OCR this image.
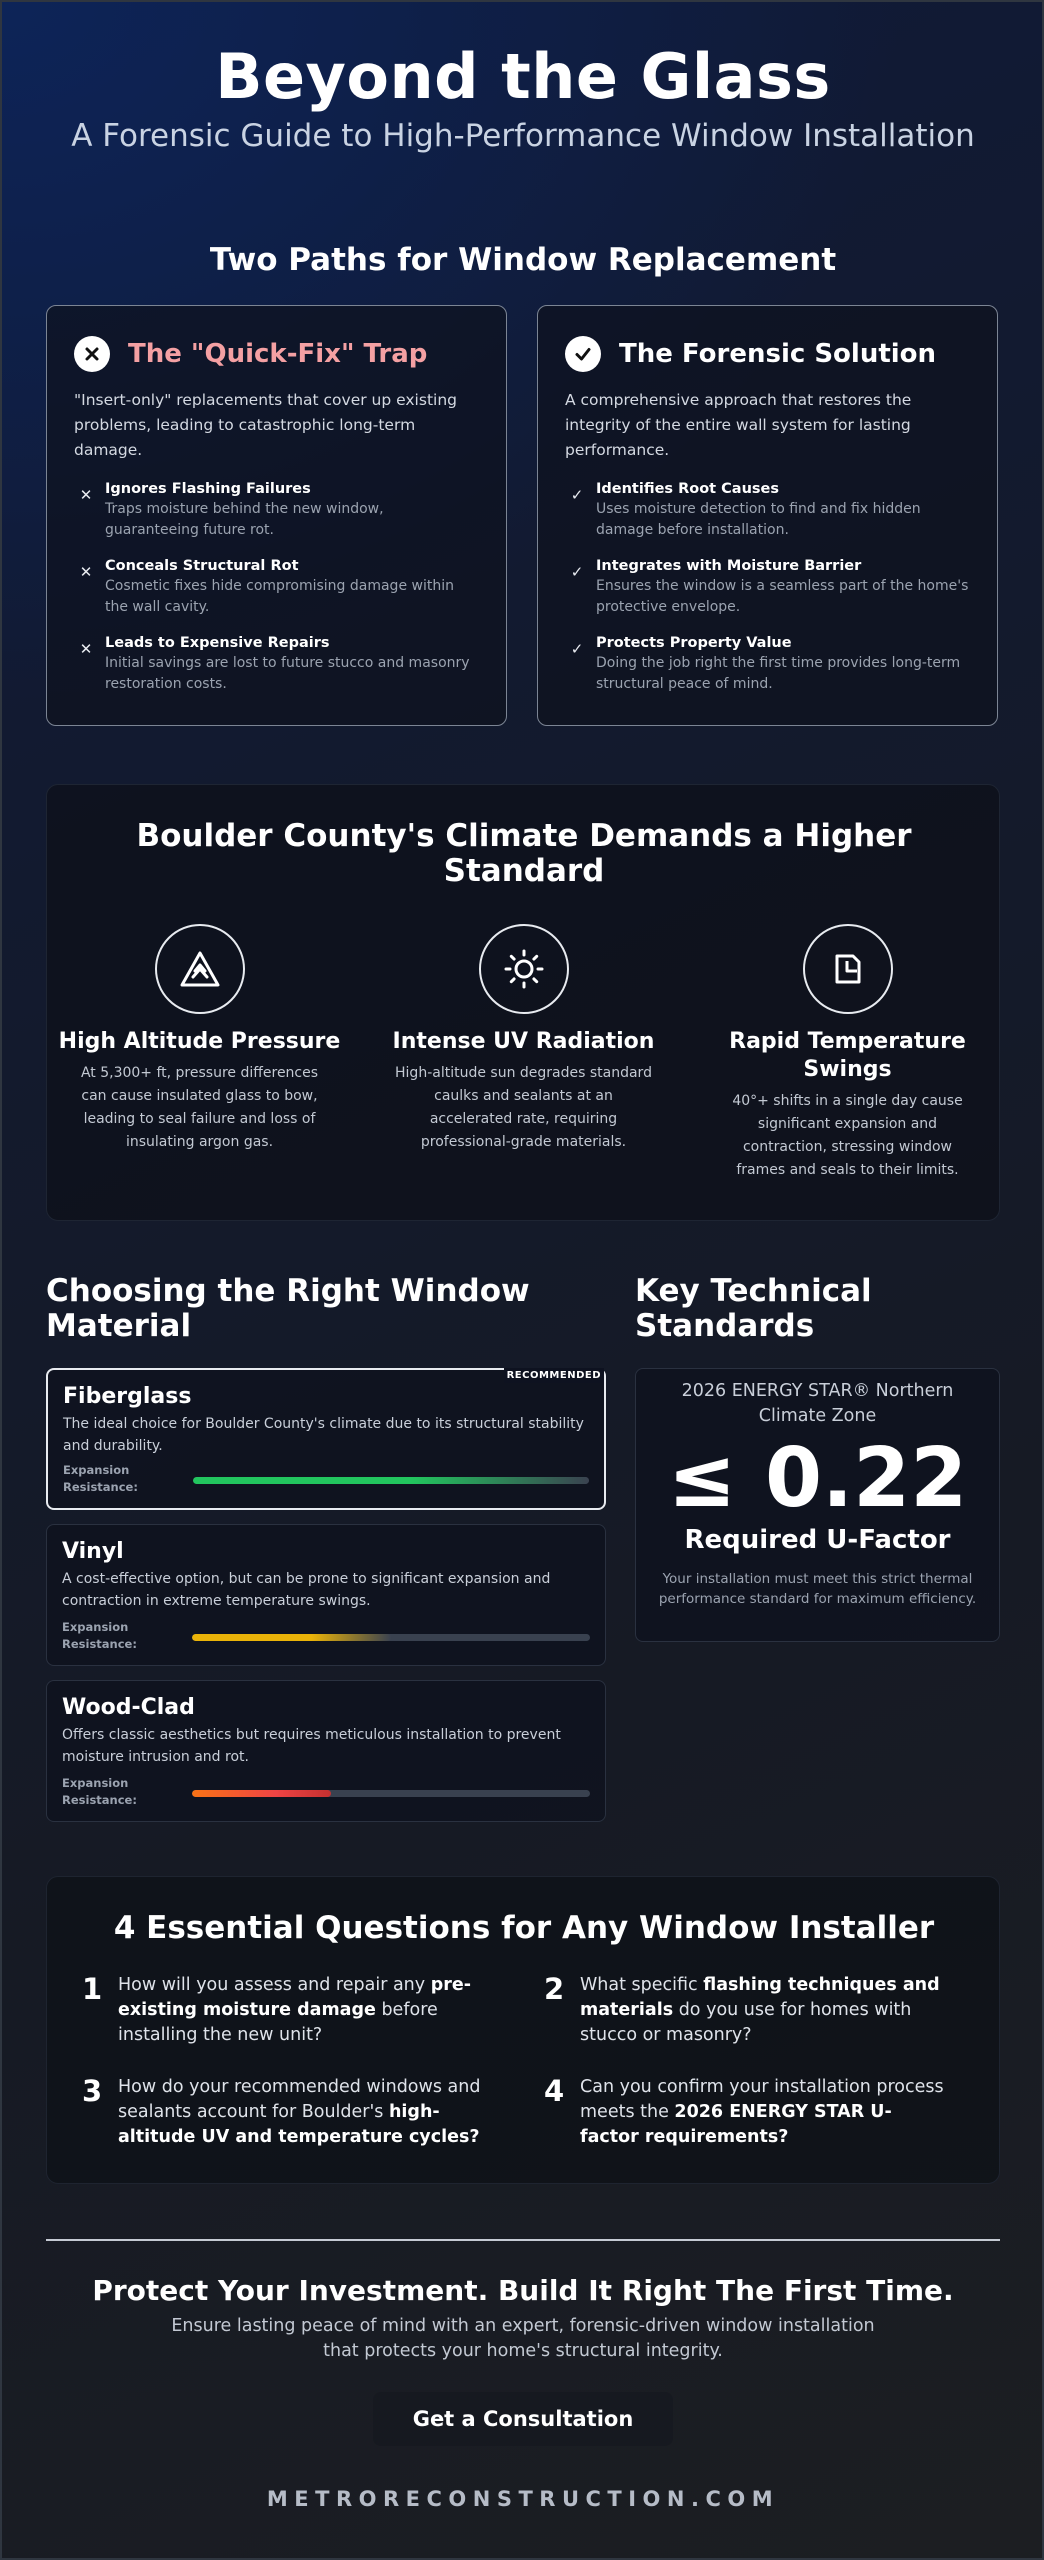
Beyond the Glass
A Forensic Guide to High-Performance Window Installation
Two Paths for Window Replacement
The "Quick-Fix" Trap
"Insert-only" replacements that cover up existing problems, leading to catastrophic long-term damage.
✕ Ignores Flashing Failures
Traps moisture behind the new window, guaranteeing future rot.
✕ Conceals Structural Rot
Cosmetic fixes hide compromising damage within the wall cavity.
✕ Leads to Expensive Repairs
Initial savings are lost to future stucco and masonry restoration costs.
The Forensic Solution
A comprehensive approach that restores the integrity of the entire wall system for lasting performance.
✓ Identifies Root Causes
Uses moisture detection to find and fix hidden damage before installation.
✓ Integrates with Moisture Barrier
Ensures the window is a seamless part of the home's protective envelope.
✓ Protects Property Value
Doing the job right the first time provides long-term structural peace of mind.
Boulder County's Climate Demands a Higher Standard
High Altitude Pressure
At 5,300+ ft, pressure differences can cause insulated glass to bow, leading to seal failure and loss of insulating argon gas.
Intense UV Radiation
High-altitude sun degrades standard caulks and sealants at an accelerated rate, requiring professional-grade materials.
Rapid Temperature Swings
40°+ shifts in a single day cause significant expansion and contraction, stressing window frames and seals to their limits.
Choosing the Right Window Material
Key Technical Standards
RECOMMENDED
Fiberglass
The ideal choice for Boulder County's climate due to its structural stability and durability.
Expansion Resistance:
Vinyl
A cost-effective option, but can be prone to significant expansion and contraction in extreme temperature swings.
Expansion Resistance:
Wood-Clad
Offers classic aesthetics but requires meticulous installation to prevent moisture intrusion and rot.
Expansion Resistance:
2026 ENERGY STAR® Northern Climate Zone
≤ 0.22
Required U-Factor
Your installation must meet this strict thermal performance standard for maximum efficiency.
4 Essential Questions for Any Window Installer
1 How will you assess and repair any pre-existing moisture damage before installing the new unit?
2 What specific flashing techniques and materials do you use for homes with stucco or masonry?
3 How do your recommended windows and sealants account for Boulder's high-altitude UV and temperature cycles?
4 Can you confirm your installation process meets the 2026 ENERGY STAR U-factor requirements?
Protect Your Investment. Build It Right The First Time.
Ensure lasting peace of mind with an expert, forensic-driven window installation that protects your home's structural integrity.
Get a Consultation
METRORECONSTRUCTION.COM
